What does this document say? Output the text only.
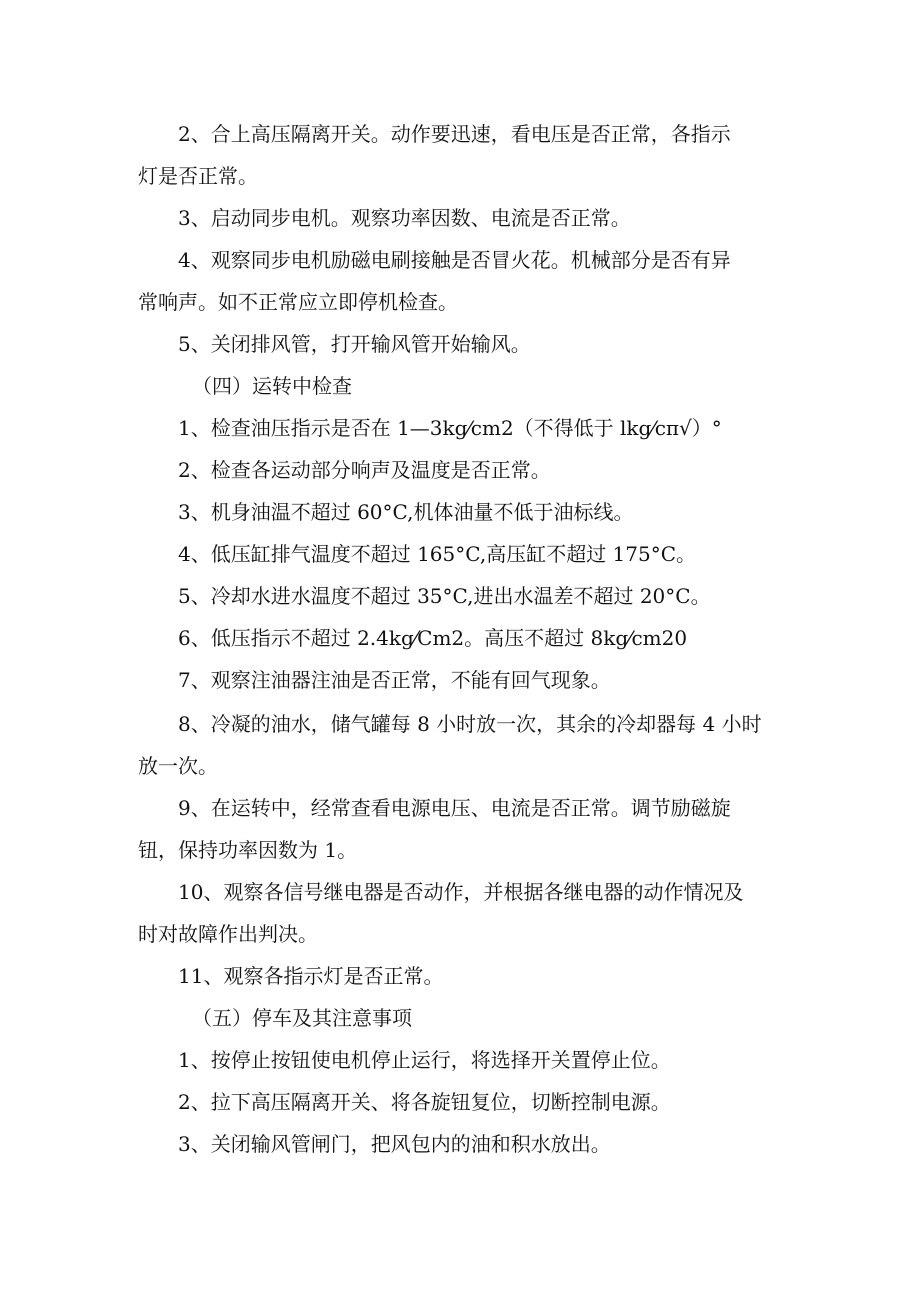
2、合上高压隔离开关。动作要迅速，看电压是否正常，各指示
灯是否正常。
3、启动同步电机。观察功率因数、电流是否正常。
4、观察同步电机励磁电刷接触是否冒火花。机械部分是否有异
常响声。如不正常应立即停机检查。
5、关闭排风管，打开输风管开始输风。
（四）运转中检查
1、检查油压指示是否在 1—3kg⁄cm2（不得低于 lkg⁄cπ√）°
2、检查各运动部分响声及温度是否正常。
3、机身油温不超过 60°C,机体油量不低于油标线。
4、低压缸排气温度不超过 165°C,高压缸不超过 175°C。
5、冷却水进水温度不超过 35°C,进出水温差不超过 20°C。
6、低压指示不超过 2.4kg⁄Cm2。高压不超过 8kg⁄cm20
7、观察注油器注油是否正常，不能有回气现象。
8、冷凝的油水，储气罐每 8 小时放一次，其余的冷却器每 4 小时
放一次。
9、在运转中，经常查看电源电压、电流是否正常。调节励磁旋
钮，保持功率因数为 1。
10、观察各信号继电器是否动作，并根据各继电器的动作情况及
时对故障作出判决。
11、观察各指示灯是否正常。
（五）停车及其注意事项
1、按停止按钮使电机停止运行，将选择开关置停止位。
2、拉下高压隔离开关、将各旋钮复位，切断控制电源。
3、关闭输风管闸门，把风包内的油和积水放出。
